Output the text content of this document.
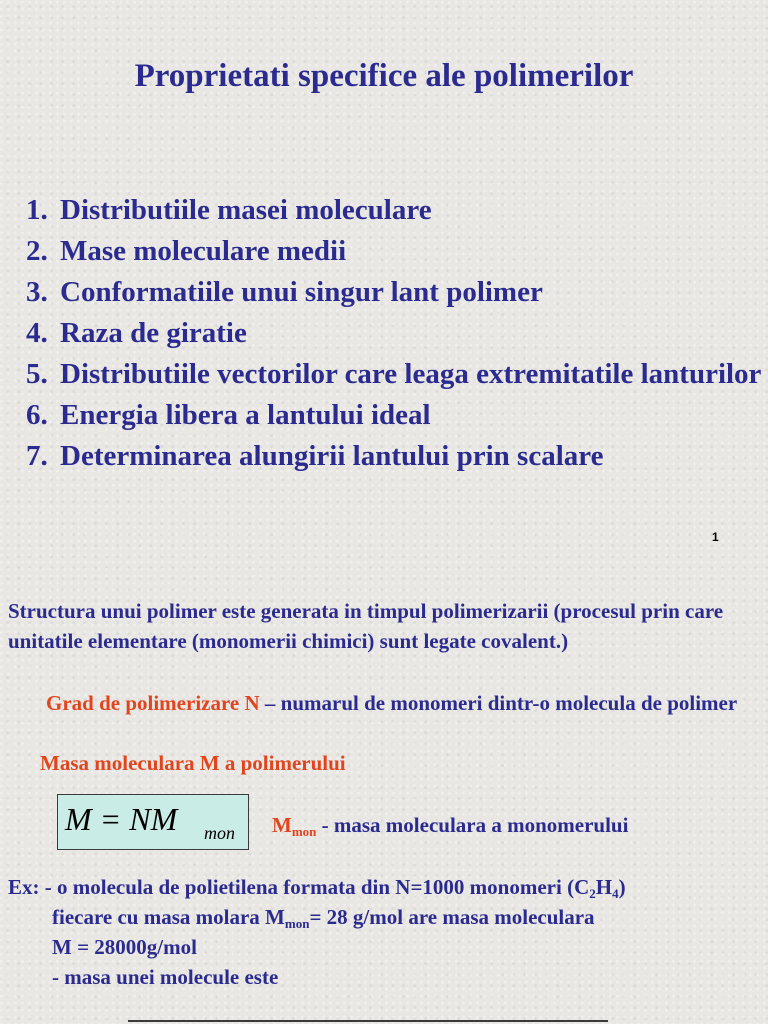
Proprietati specifice ale polimerilor
1. Distributiile masei moleculare
2. Mase moleculare medii
3. Conformatiile unui singur lant polimer
4. Raza de giratie
5. Distributiile vectorilor care leaga extremitatile lanturilor
6. Energia libera a lantului ideal
7. Determinarea alungirii lantului prin scalare
1
Structura unui polimer este generata in timpul polimerizarii (procesul prin care unitatile elementare (monomerii chimici) sunt legate covalent.)
Grad de polimerizare N – numarul de monomeri dintr-o molecula de polimer
Masa moleculara M a polimerului
M = NM mon $M_{mon}$ - masa moleculara a monomerului
Ex: - o molecula de polietilena formata din N=1000 monomeri $(C_2H_4)$
fiecare cu masa molara $M_{mon}= 28$ g/mol are masa moleculara
M = 28000g/mol
- masa unei molecule este
